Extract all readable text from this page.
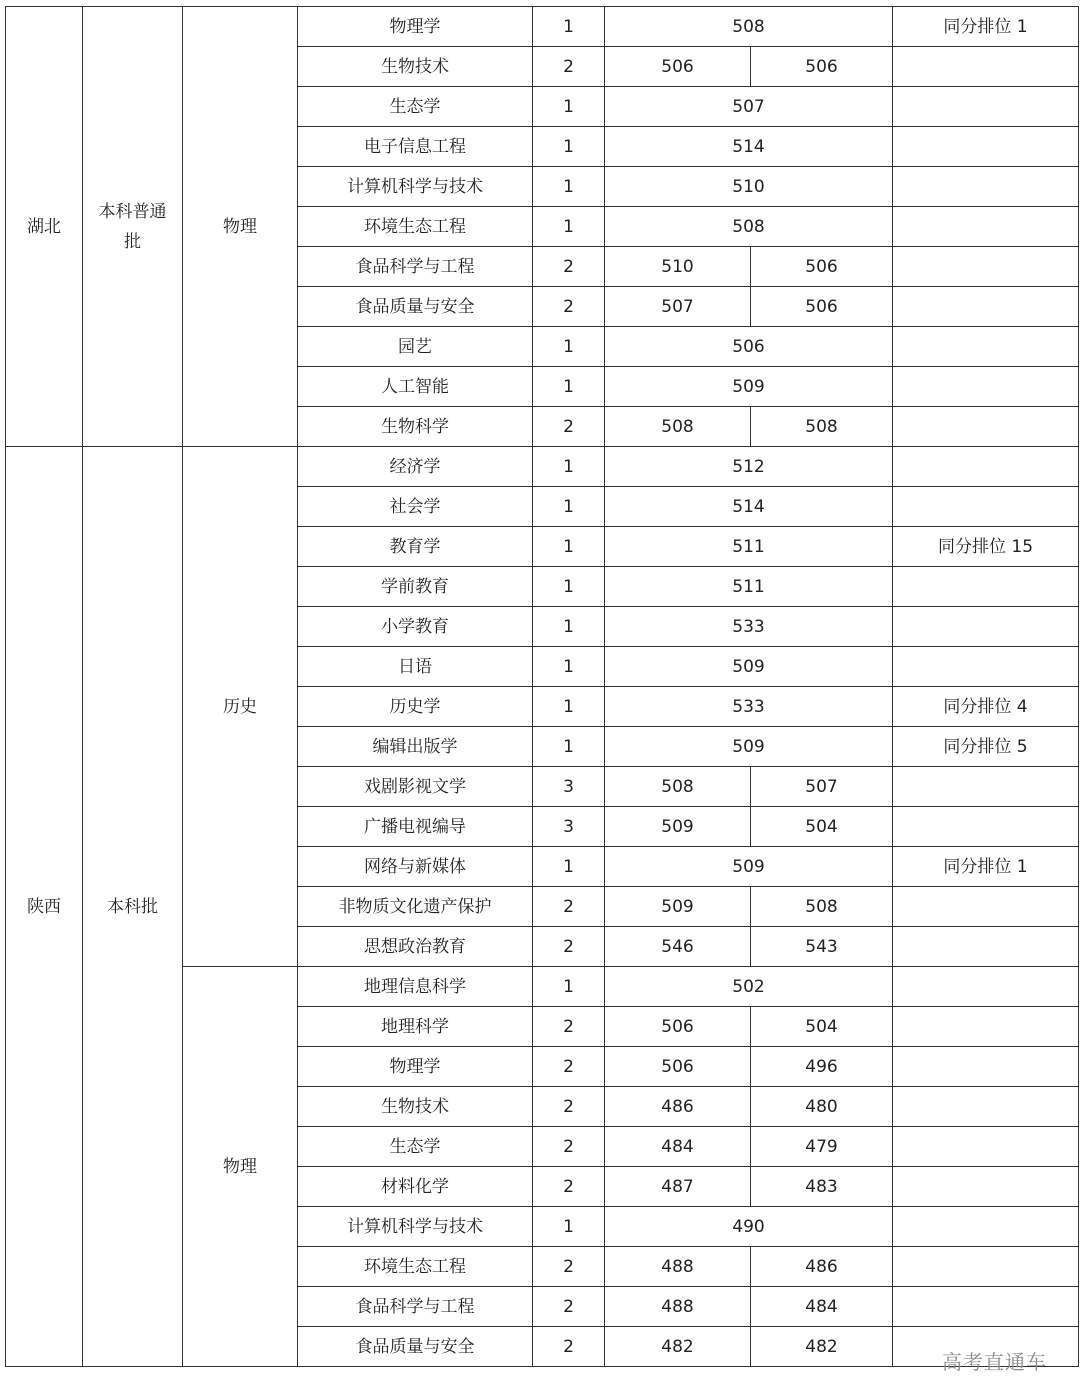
湖北	本科普通批	物理	物理学	1	508		同分排位 1
			生物技术	2	506	506	
			生态学	1	507		
			电子信息工程	1	514		
			计算机科学与技术	1	510		
			环境生态工程	1	508		
			食品科学与工程	2	510	506	
			食品质量与安全	2	507	506	
			园艺	1	506		
			人工智能	1	509		
			生物科学	2	508	508	
陕西	本科批	历史	经济学	1	512		
			社会学	1	514		
			教育学	1	511		同分排位 15
			学前教育	1	511		
			小学教育	1	533		
			日语	1	509		
			历史学	1	533		同分排位 4
			编辑出版学	1	509		同分排位 5
			戏剧影视文学	3	508	507	
			广播电视编导	3	509	504	
			网络与新媒体	1	509		同分排位 1
			非物质文化遗产保护	2	509	508	
			思想政治教育	2	546	543	
		物理	地理信息科学	1	502		
			地理科学	2	506	504	
			物理学	2	506	496	
			生物技术	2	486	480	
			生态学	2	484	479	
			材料化学	2	487	483	
			计算机科学与技术	1	490		
			环境生态工程	2	488	486	
			食品科学与工程	2	488	484	
			食品质量与安全	2	482	482	
高考直通车
